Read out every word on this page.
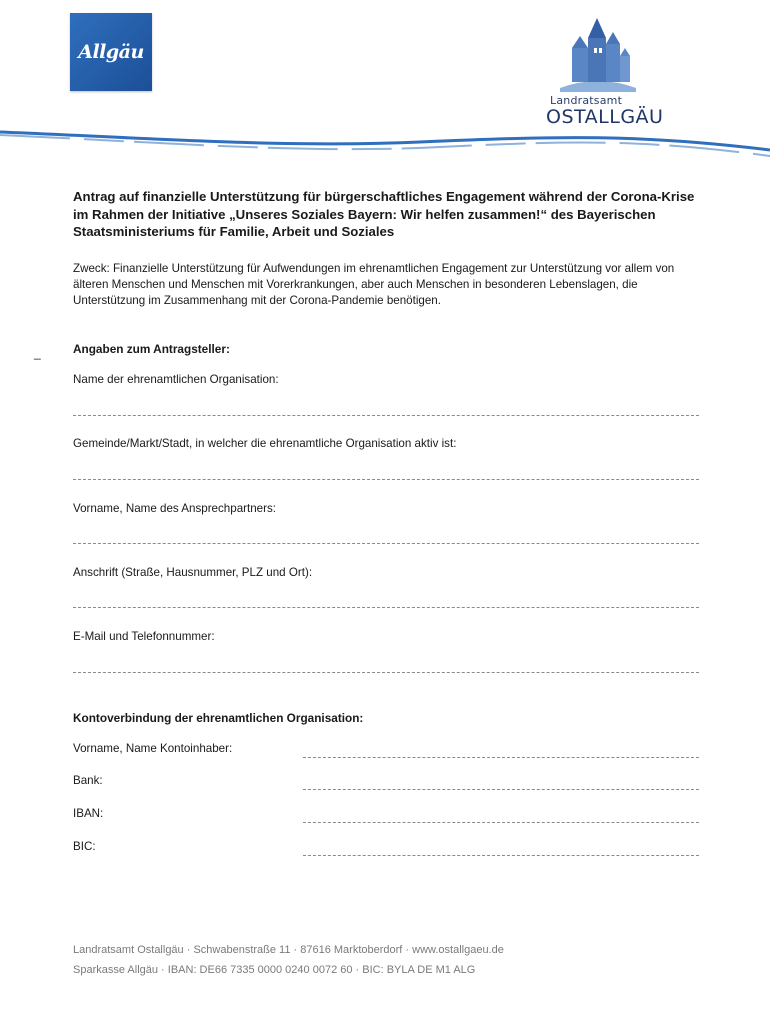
Allgäu
Landratsamt
OSTALLGÄU
Antrag auf finanzielle Unterstützung für bürgerschaftliches Engagement während der Corona-Krise im Rahmen der Initiative „Unseres Soziales Bayern: Wir helfen zusammen!“ des Bayerischen Staatsministeriums für Familie, Arbeit und Soziales
Zweck: Finanzielle Unterstützung für Aufwendungen im ehrenamtlichen Engagement zur Unterstützung vor allem von älteren Menschen und Menschen mit Vorerkrankungen, aber auch Menschen in besonderen Lebenslagen, die Unterstützung im Zusammenhang mit der Corona-Pandemie benötigen.
_	Angaben zum Antragsteller:
Name der ehrenamtlichen Organisation:
Gemeinde/Markt/Stadt, in welcher die ehrenamtliche Organisation aktiv ist:
Vorname, Name des Ansprechpartners:
Anschrift (Straße, Hausnummer, PLZ und Ort):
E-Mail und Telefonnummer:
Kontoverbindung der ehrenamtlichen Organisation:
Vorname, Name Kontoinhaber:
Bank:
IBAN:
BIC:
Landratsamt Ostallgäu · Schwabenstraße 11 · 87616 Marktoberdorf · www.ostallgaeu.de
Sparkasse Allgäu · IBAN: DE66 7335 0000 0240 0072 60 · BIC: BYLA DE M1 ALG
